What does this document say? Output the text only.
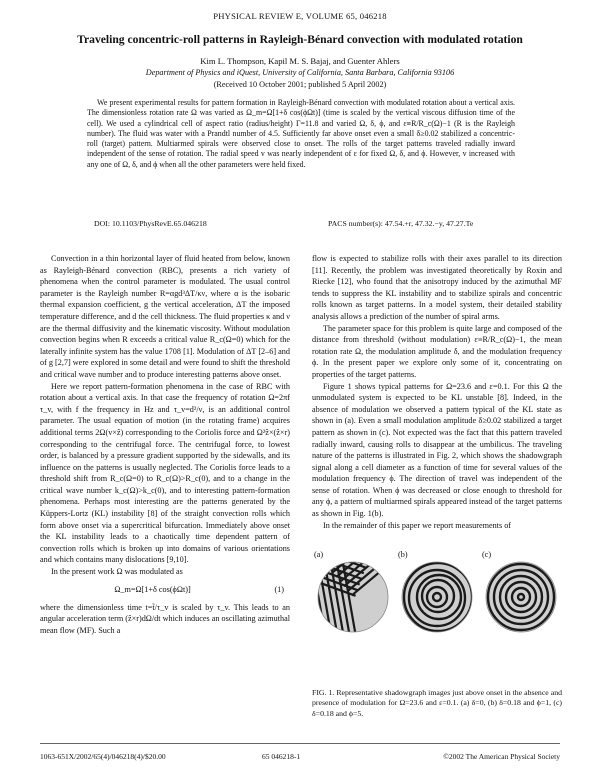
PHYSICAL REVIEW E, VOLUME 65, 046218
Traveling concentric-roll patterns in Rayleigh-Bénard convection with modulated rotation
Kim L. Thompson, Kapil M. S. Bajaj, and Guenter Ahlers
Department of Physics and iQuest, University of California, Santa Barbara, California 93106
(Received 10 October 2001; published 5 April 2002)

We present experimental results for pattern formation in Rayleigh-Bénard convection with modulated rotation about a vertical axis. The dimensionless rotation rate Ω was varied as Ω_m=Ω[1+δ cos(ϕΩt)] (time is scaled by the vertical viscous diffusion time of the cell). We used a cylindrical cell of aspect ratio (radius/height) Γ=11.8 and varied Ω, δ, ϕ, and ε≡R/R_c(Ω)−1 (R is the Rayleigh number). The fluid was water with a Prandtl number of 4.5. Sufficiently far above onset even a small δ≥0.02 stabilized a concentric-roll (target) pattern. Multiarmed spirals were observed close to onset. The rolls of the target patterns traveled radially inward independent of the sense of rotation. The radial speed v was nearly independent of ε for fixed Ω, δ, and ϕ. However, v increased with any one of Ω, δ, and ϕ when all the other parameters were held fixed.

DOI: 10.1103/PhysRevE.65.046218	PACS number(s): 47.54.+r, 47.32.−y, 47.27.Te

Convection in a thin horizontal layer of fluid heated from below, known as Rayleigh-Bénard convection (RBC), presents a rich variety of phenomena when the control parameter is modulated. The usual control parameter is the Rayleigh number R=αgd³ΔT/κν, where α is the isobaric thermal expansion coefficient, g the vertical acceleration, ΔT the imposed temperature difference, and d the cell thickness. The fluid properties κ and ν are the thermal diffusivity and the kinematic viscosity. Without modulation convection begins when R exceeds a critical value R_c(Ω=0) which for the laterally infinite system has the value 1708 [1]. Modulation of ΔT [2–6] and of g [2,7] were explored in some detail and were found to shift the threshold and critical wave number and to produce interesting patterns above onset.

Here we report pattern-formation phenomena in the case of RBC with rotation about a vertical axis. In that case the frequency of rotation Ω=2πf τ_v, with f the frequency in Hz and τ_v=d²/ν, is an additional control parameter. The usual equation of motion (in the rotating frame) acquires additional terms 2Ω(v×ẑ) corresponding to the Coriolis force and Ω²ẑ×(ẑ×r) corresponding to the centrifugal force. The centrifugal force, to lowest order, is balanced by a pressure gradient supported by the sidewalls, and its influence on the patterns is usually neglected. The Coriolis force leads to a threshold shift from R_c(Ω=0) to R_c(Ω)>R_c(0), and to a change in the critical wave number k_c(Ω)>k_c(0), and to interesting pattern-formation phenomena. Perhaps most interesting are the patterns generated by the Küppers-Lortz (KL) instability [8] of the straight convection rolls which form above onset via a supercritical bifurcation. Immediately above onset the KL instability leads to a chaotically time dependent pattern of convection rolls which is broken up into domains of various orientations and which contains many dislocations [9,10].

In the present work Ω was modulated as

Ω_m=Ω[1+δ cos(ϕΩt)]	(1)

where the dimensionless time t=t̃/τ_v is scaled by τ_v. This leads to an angular acceleration term (ẑ×r)dΩ/dt which induces an oscillating azimuthal mean flow (MF). Such a

flow is expected to stabilize rolls with their axes parallel to its direction [11]. Recently, the problem was investigated theoretically by Roxin and Riecke [12], who found that the anisotropy induced by the azimuthal MF tends to suppress the KL instability and to stabilize spirals and concentric rolls known as target patterns. In a model system, their detailed stability analysis allows a prediction of the number of spiral arms.

The parameter space for this problem is quite large and composed of the distance from threshold (without modulation) ε≡R/R_c(Ω)−1, the mean rotation rate Ω, the modulation amplitude δ, and the modulation frequency ϕ. In the present paper we explore only some of it, concentrating on properties of the target patterns.

Figure 1 shows typical patterns for Ω=23.6 and ε=0.1. For this Ω the unmodulated system is expected to be KL unstable [8]. Indeed, in the absence of modulation we observed a pattern typical of the KL state as shown in (a). Even a small modulation amplitude δ≥0.02 stabilized a target pattern as shown in (c). Not expected was the fact that this pattern traveled radially inward, causing rolls to disappear at the umbilicus. The traveling nature of the patterns is illustrated in Fig. 2, which shows the shadowgraph signal along a cell diameter as a function of time for several values of the modulation frequency ϕ. The direction of travel was independent of the sense of rotation. When ϕ was decreased or close enough to threshold for any ϕ, a pattern of multiarmed spirals appeared instead of the target patterns as shown in Fig. 1(b).

In the remainder of this paper we report measurements of

(a)	(b)	(c)
FIG. 1. Representative shadowgraph images just above onset in the absence and presence of modulation for Ω=23.6 and ε=0.1. (a) δ=0, (b) δ=0.18 and ϕ=1, (c) δ=0.18 and ϕ=5.
1063-651X/2002/65(4)/046218(4)/$20.00	65 046218-1	©2002 The American Physical Society
